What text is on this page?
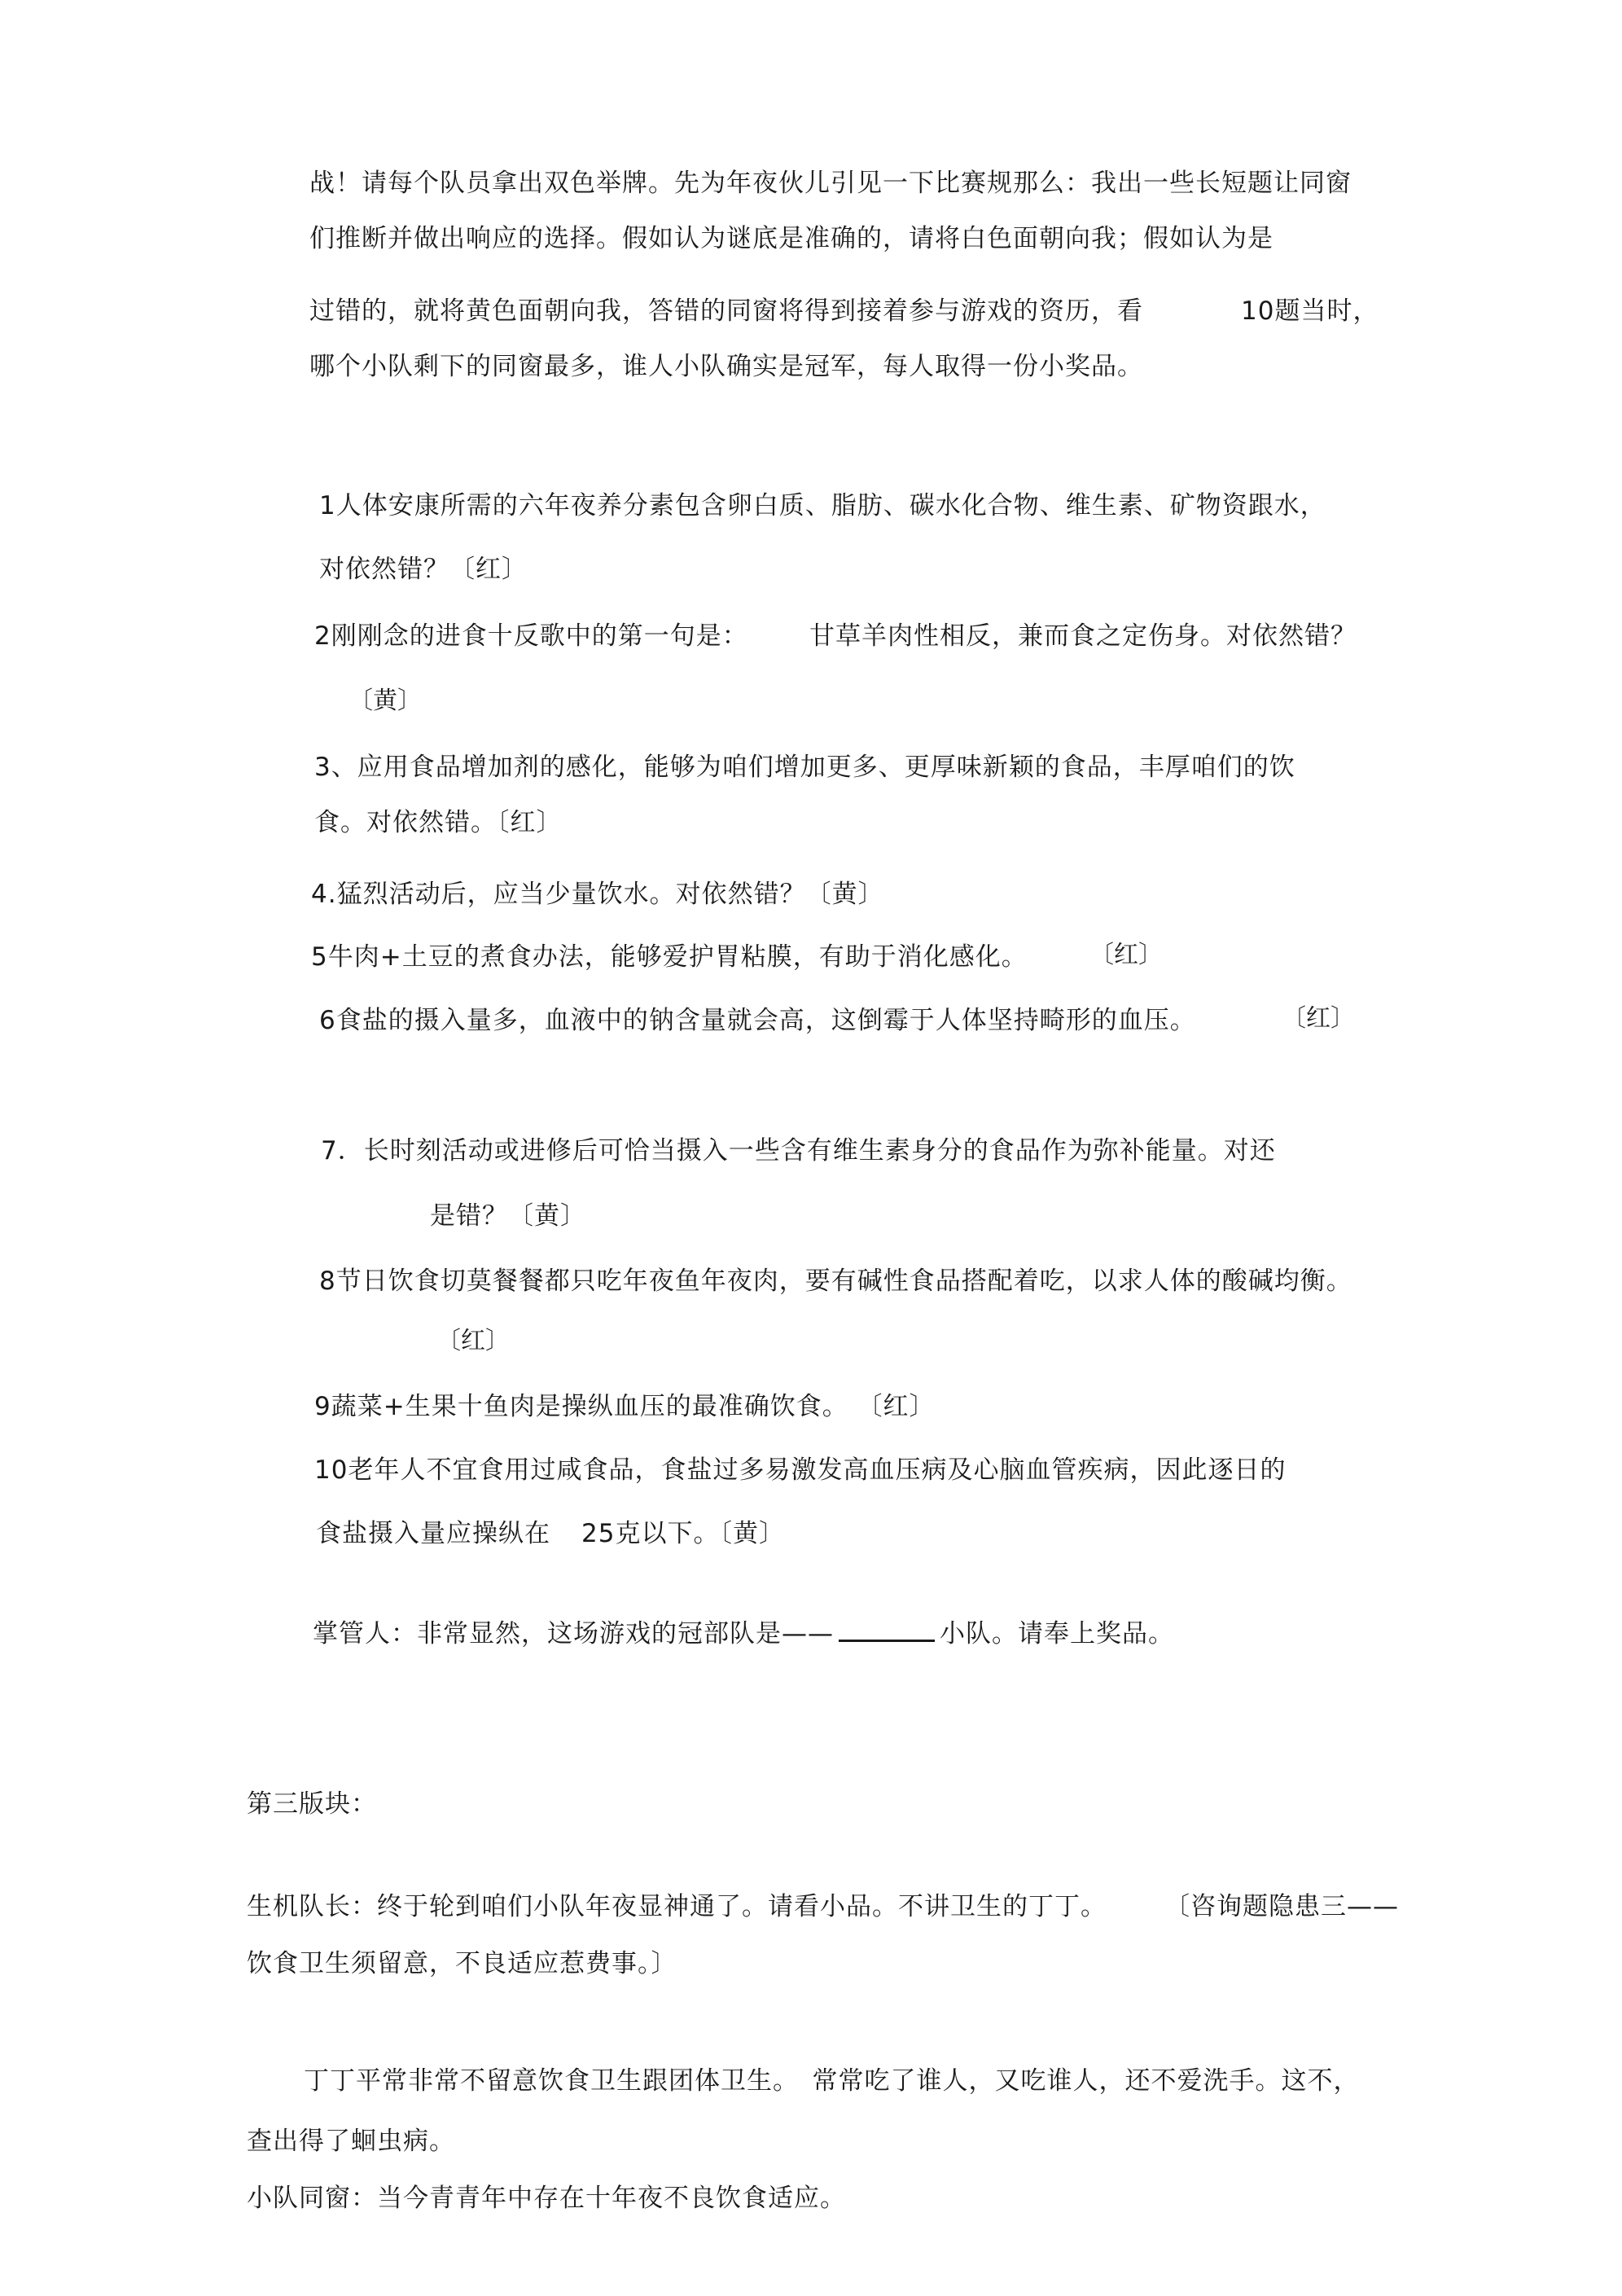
战！请每个队员拿出双色举牌。先为年夜伙儿引见一下比赛规那么：我出一些长短题让同窗
们推断并做出响应的选择。假如认为谜底是准确的，请将白色面朝向我；假如认为是
过错的，就将黄色面朝向我，答错的同窗将得到接着参与游戏的资历，看	10题当时，
哪个小队剩下的同窗最多，谁人小队确实是冠军，每人取得一份小奖品。
1人体安康所需的六年夜养分素包含卵白质、脂肪、碳水化合物、维生素、矿物资跟水，
对依然错？〔红〕
2刚刚念的进食十反歌中的第一句是： 甘草羊肉性相反，兼而食之定伤身。对依然错？
〔黄〕
3、应用食品增加剂的感化，能够为咱们增加更多、更厚味新颖的食品，丰厚咱们的饮
食。对依然错。〔红〕
4.猛烈活动后，应当少量饮水。对依然错？〔黄〕
5牛肉+土豆的煮食办法，能够爱护胃粘膜，有助于消化感化。	〔红〕
6食盐的摄入量多，血液中的钠含量就会高，这倒霉于人体坚持畸形的血压。	〔红〕
7．长时刻活动或进修后可恰当摄入一些含有维生素身分的食品作为弥补能量。对还
是错？〔黄〕
8节日饮食切莫餐餐都只吃年夜鱼年夜肉，要有碱性食品搭配着吃，以求人体的酸碱均衡。
〔红〕
9蔬菜+生果十鱼肉是操纵血压的最准确饮食。 〔红〕
10老年人不宜食用过咸食品，食盐过多易激发高血压病及心脑血管疾病，因此逐日的
食盐摄入量应操纵在 25克以下。〔黄〕
掌管人：非常显然，这场游戏的冠部队是——	小队。请奉上奖品。
第三版块：
生机队长：终于轮到咱们小队年夜显神通了。请看小品。不讲卫生的丁丁。 〔咨询题隐患三——
饮食卫生须留意，不良适应惹费事。〕
丁丁平常非常不留意饮食卫生跟团体卫生。　常常吃了谁人，又吃谁人，还不爱洗手。这不，
查出得了蛔虫病。
小队同窗：当今青青年中存在十年夜不良饮食适应。
